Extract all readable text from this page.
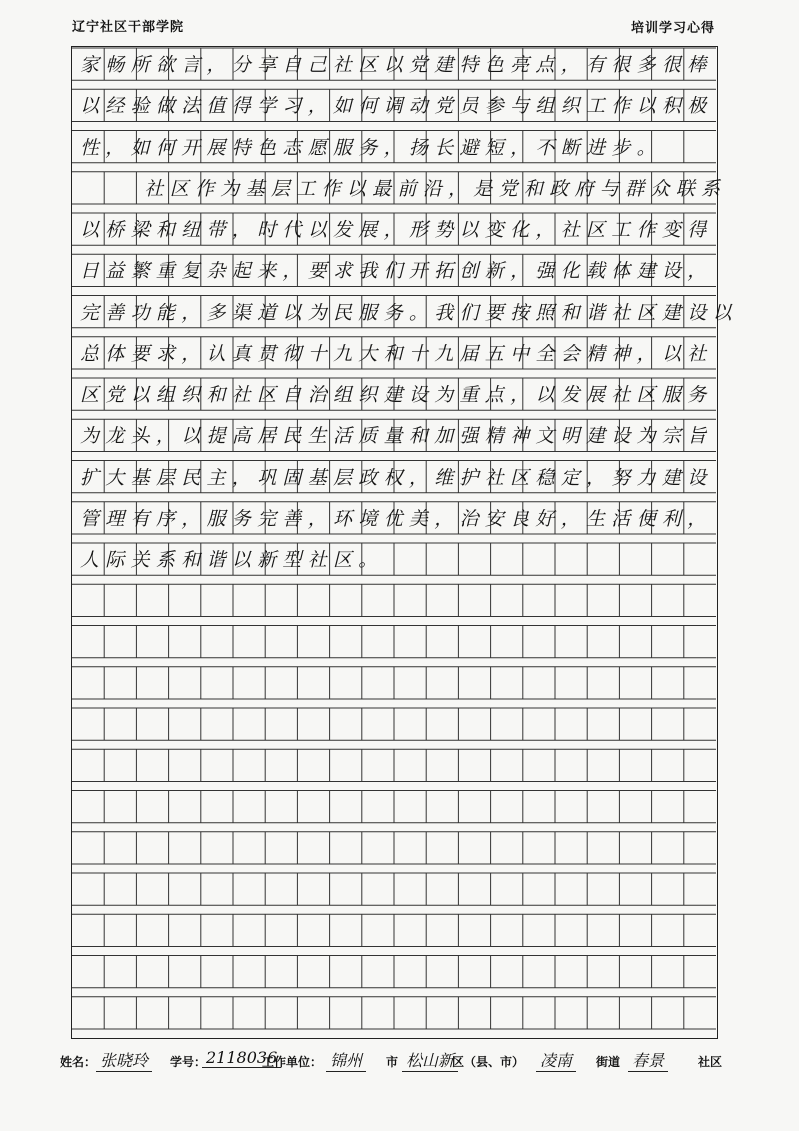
辽宁社区干部学院	培训学习心得
家畅所欲言，分享自己社区以党建特色亮点，有很多很棒
以经验做法值得学习，如何调动党员参与组织工作以积极
性，如何开展特色志愿服务，扬长避短，不断进步。
社区作为基层工作以最前沿，是党和政府与群众联系
以桥梁和纽带，时代以发展，形势以变化，社区工作变得
日益繁重复杂起来，要求我们开拓创新，强化载体建设，
完善功能，多渠道以为民服务。我们要按照和谐社区建设以
总体要求，认真贯彻十九大和十九届五中全会精神，以社
区党以组织和社区自治组织建设为重点，以发展社区服务
为龙头，以提高居民生活质量和加强精神文明建设为宗旨
扩大基层民主，巩固基层政权，维护社区稳定，努力建设
管理有序，服务完善，环境优美，治安良好，生活便利，
人际关系和谐以新型社区。
姓名： 张晓玲	学号： 2118036
工作单位： 锦州	市 松山新
区（县、市） 凌南	街道 春景	社区
